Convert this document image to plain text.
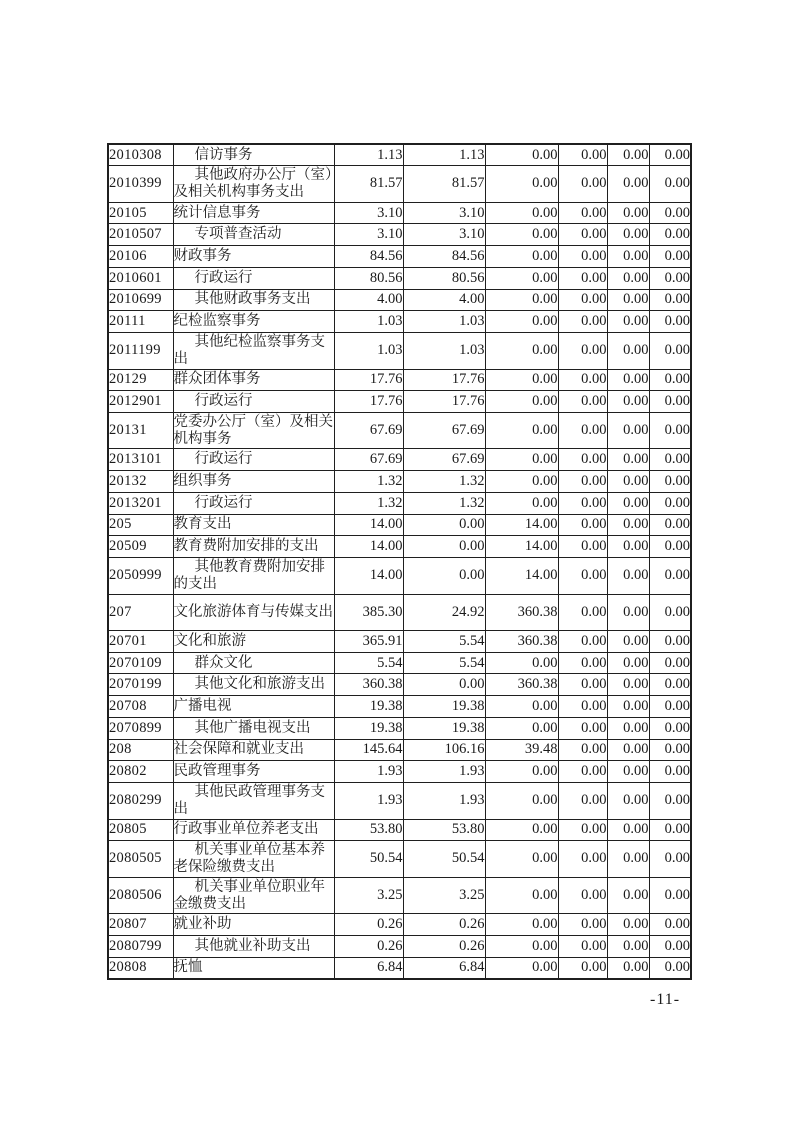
2010308	信访事务	1.13	1.13	0.00	0.00	0.00	0.00
2010399	其他政府办公厅（室）及相关机构事务支出	81.57	81.57	0.00	0.00	0.00	0.00
20105	统计信息事务	3.10	3.10	0.00	0.00	0.00	0.00
2010507	专项普查活动	3.10	3.10	0.00	0.00	0.00	0.00
20106	财政事务	84.56	84.56	0.00	0.00	0.00	0.00
2010601	行政运行	80.56	80.56	0.00	0.00	0.00	0.00
2010699	其他财政事务支出	4.00	4.00	0.00	0.00	0.00	0.00
20111	纪检监察事务	1.03	1.03	0.00	0.00	0.00	0.00
2011199	其他纪检监察事务支出	1.03	1.03	0.00	0.00	0.00	0.00
20129	群众团体事务	17.76	17.76	0.00	0.00	0.00	0.00
2012901	行政运行	17.76	17.76	0.00	0.00	0.00	0.00
20131	党委办公厅（室）及相关机构事务	67.69	67.69	0.00	0.00	0.00	0.00
2013101	行政运行	67.69	67.69	0.00	0.00	0.00	0.00
20132	组织事务	1.32	1.32	0.00	0.00	0.00	0.00
2013201	行政运行	1.32	1.32	0.00	0.00	0.00	0.00
205	教育支出	14.00	0.00	14.00	0.00	0.00	0.00
20509	教育费附加安排的支出	14.00	0.00	14.00	0.00	0.00	0.00
2050999	其他教育费附加安排的支出	14.00	0.00	14.00	0.00	0.00	0.00
207	文化旅游体育与传媒支出	385.30	24.92	360.38	0.00	0.00	0.00
20701	文化和旅游	365.91	5.54	360.38	0.00	0.00	0.00
2070109	群众文化	5.54	5.54	0.00	0.00	0.00	0.00
2070199	其他文化和旅游支出	360.38	0.00	360.38	0.00	0.00	0.00
20708	广播电视	19.38	19.38	0.00	0.00	0.00	0.00
2070899	其他广播电视支出	19.38	19.38	0.00	0.00	0.00	0.00
208	社会保障和就业支出	145.64	106.16	39.48	0.00	0.00	0.00
20802	民政管理事务	1.93	1.93	0.00	0.00	0.00	0.00
2080299	其他民政管理事务支出	1.93	1.93	0.00	0.00	0.00	0.00
20805	行政事业单位养老支出	53.80	53.80	0.00	0.00	0.00	0.00
2080505	机关事业单位基本养老保险缴费支出	50.54	50.54	0.00	0.00	0.00	0.00
2080506	机关事业单位职业年金缴费支出	3.25	3.25	0.00	0.00	0.00	0.00
20807	就业补助	0.26	0.26	0.00	0.00	0.00	0.00
2080799	其他就业补助支出	0.26	0.26	0.00	0.00	0.00	0.00
20808	抚恤	6.84	6.84	0.00	0.00	0.00	0.00
-11-
